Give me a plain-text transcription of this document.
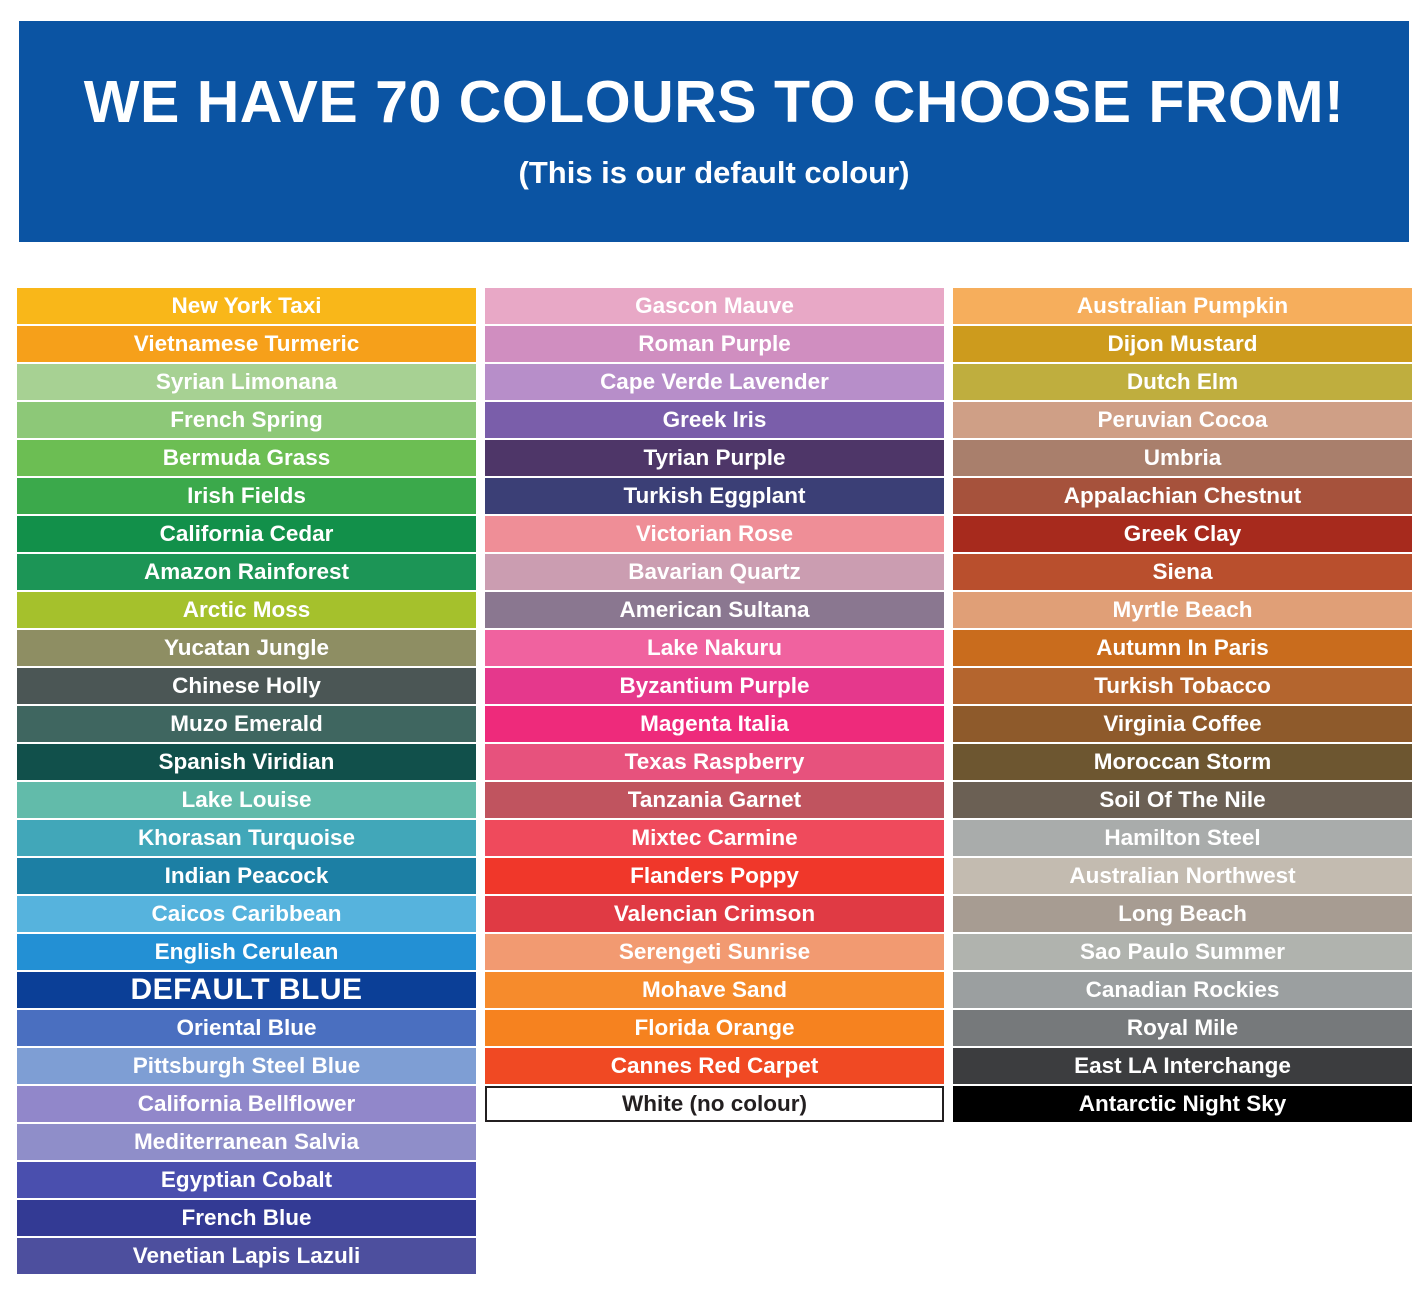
WE HAVE 70 COLOURS TO CHOOSE FROM!
(This is our default colour)
New York Taxi
Vietnamese Turmeric
Syrian Limonana
French Spring
Bermuda Grass
Irish Fields
California Cedar
Amazon Rainforest
Arctic Moss
Yucatan Jungle
Chinese Holly
Muzo Emerald
Spanish Viridian
Lake Louise
Khorasan Turquoise
Indian Peacock
Caicos Caribbean
English Cerulean
DEFAULT BLUE
Oriental Blue
Pittsburgh Steel Blue
California Bellflower
Mediterranean Salvia
Egyptian Cobalt
French Blue
Venetian Lapis Lazuli
Gascon Mauve
Roman Purple
Cape Verde Lavender
Greek Iris
Tyrian Purple
Turkish Eggplant
Victorian Rose
Bavarian Quartz
American Sultana
Lake Nakuru
Byzantium Purple
Magenta Italia
Texas Raspberry
Tanzania Garnet
Mixtec Carmine
Flanders Poppy
Valencian Crimson
Serengeti Sunrise
Mohave Sand
Florida Orange
Cannes Red Carpet
White (no colour)
Australian Pumpkin
Dijon Mustard
Dutch Elm
Peruvian Cocoa
Umbria
Appalachian Chestnut
Greek Clay
Siena
Myrtle Beach
Autumn In Paris
Turkish Tobacco
Virginia Coffee
Moroccan Storm
Soil Of The Nile
Hamilton Steel
Australian Northwest
Long Beach
Sao Paulo Summer
Canadian Rockies
Royal Mile
East LA Interchange
Antarctic Night Sky
